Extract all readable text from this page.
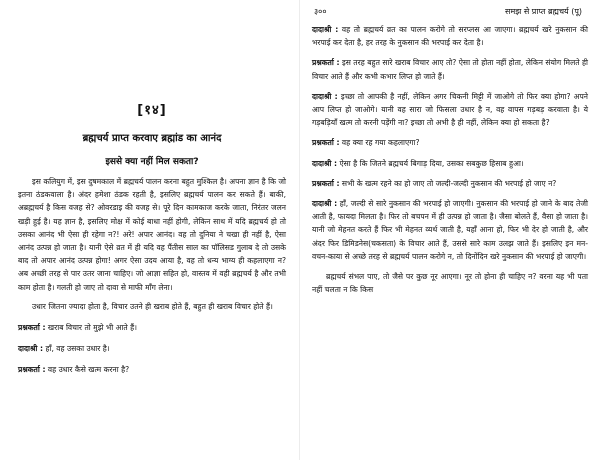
[१४]
ब्रह्मचर्य प्राप्त करवाए ब्रह्मांड का आनंद
इससे क्या नहीं मिल सकता?

इस कलियुग में, इस दुषमकाल में ब्रह्मचर्य पालन करना बहुत मुश्किल है। अपना ज्ञान है कि जो इतना ठंडकवाला है। अंदर हमेशा ठंडक रहती है, इसलिए ब्रह्मचर्य पालन कर सकते हैं। बाकी, अब्रह्मचर्य है किस वजह से? ओवरडाइ की वजह से। पूरे दिन कामकाज करके जाता, निरंतर जलन खड़ी हुई है। यह ज्ञान है, इसलिए मोक्ष में कोई बाधा नहीं होगी, लेकिन साथ में यदि ब्रह्मचर्य हो तो उसका आनंद भी ऐसा ही रहेगा न?! अरे! अपार आनंद। वह तो दुनिया ने चखा ही नहीं है, ऐसा आनंद उत्पन्न हो जाता है। यानी ऐसे व्रत में ही यदि वह पैंतीस साल का पॉलिसड गुलाब दे तो उसके बाद तो अपार आनंद उत्पन्न होगा! अगर ऐसा उदय आया है, वह तो धन्य भाग्य ही कहलाएगा न? अब अच्छी तरह से पार उतर जाना चाहिए। जो आज्ञा सहित हो, वास्तव में वही ब्रह्मचर्य है और तभी काम होता है। गलती हो जाए तो दावा से माफी माँग लेना।

उधार जितना ज्यादा होता है, विचार उतने ही खराब होते हैं, बहुत ही खराब विचार होते हैं।

प्रश्नकर्ता : खराब विचार तो मुझे भी आते हैं।

दादाश्री : हाँ, वह उसका उधार है।

प्रश्नकर्ता : वह उधार कैसे खत्म करना है?

३००	समझ से प्राप्त ब्रह्मचर्य (पू)

दादाश्री : वह तो ब्रह्मचर्य व्रत का पालन करोगे तो सरप्लस आ जाएगा। ब्रह्मचर्य खरे नुकसान की भरपाई कर देता है, हर तरह के नुकसान की भरपाई कर देता है।

प्रश्नकर्ता : इस तरह बहुत सारे खराब विचार आए तो? ऐसा तो होता नहीं होता, लेकिन संयोग मिलते ही विचार आते हैं और कभी कभार लिप्त हो जाते हैं।

दादाश्री : इच्छा तो आपकी है नहीं, लेकिन अगर चिकनी मिट्टी में जाओगे तो फिर क्या होगा? अपने आप लिप्त हो जाओगे। यानी वह सारा जो फिसला उधार है न, वह वापस गड़बड़ करवाता है। ये गड़बड़ियाँ खत्म तो करनी पड़ेंगी ना? इच्छा तो अभी है ही नहीं, लेकिन क्या हो सकता है?

प्रश्नकर्ता : वह क्या रह गया कहलाएगा?

दादाश्री : ऐसा है कि जितने ब्रह्मचर्य बिगाड़ दिया, उसका सबकुछ हिसाब हुआ।

प्रश्नकर्ता : सभी के खत्म रहने का हो जाए तो जल्दी-जल्दी नुकसान की भरपाई हो जाए न?

दादाश्री : हाँ, जल्दी से सारे नुकसान की भरपाई हो जाएगी। नुकसान की भरपाई हो जाने के बाद तेजी आती है, फायदा मिलता है। फिर तो बचपन में ही उत्पन्न हो जाता है। जैसा बोलते हैं, वैसा हो जाता है। यानी जो मेहनत करते हैं फिर भी मेहनत व्यर्थ जाती है, यहाँ आना हो, फिर भी देर हो जाती है, और अंदर फिर डिमिडनेस(चकसता) के विचार आते हैं, उससे सारे काम उलझ जाते हैं। इसलिए इन मन-वचन-काया से अच्छे तरह से ब्रह्मचर्य पालन करोगे न, तो दिनोंदिन खरे नुकसान की भरपाई हो जाएगी।

ब्रह्मचर्य संभल पाए, तो जैसे पर कुछ नूर आएगा। नूर तो होना ही चाहिए न? वरना यह भी पता नहीं चलता न कि किस
